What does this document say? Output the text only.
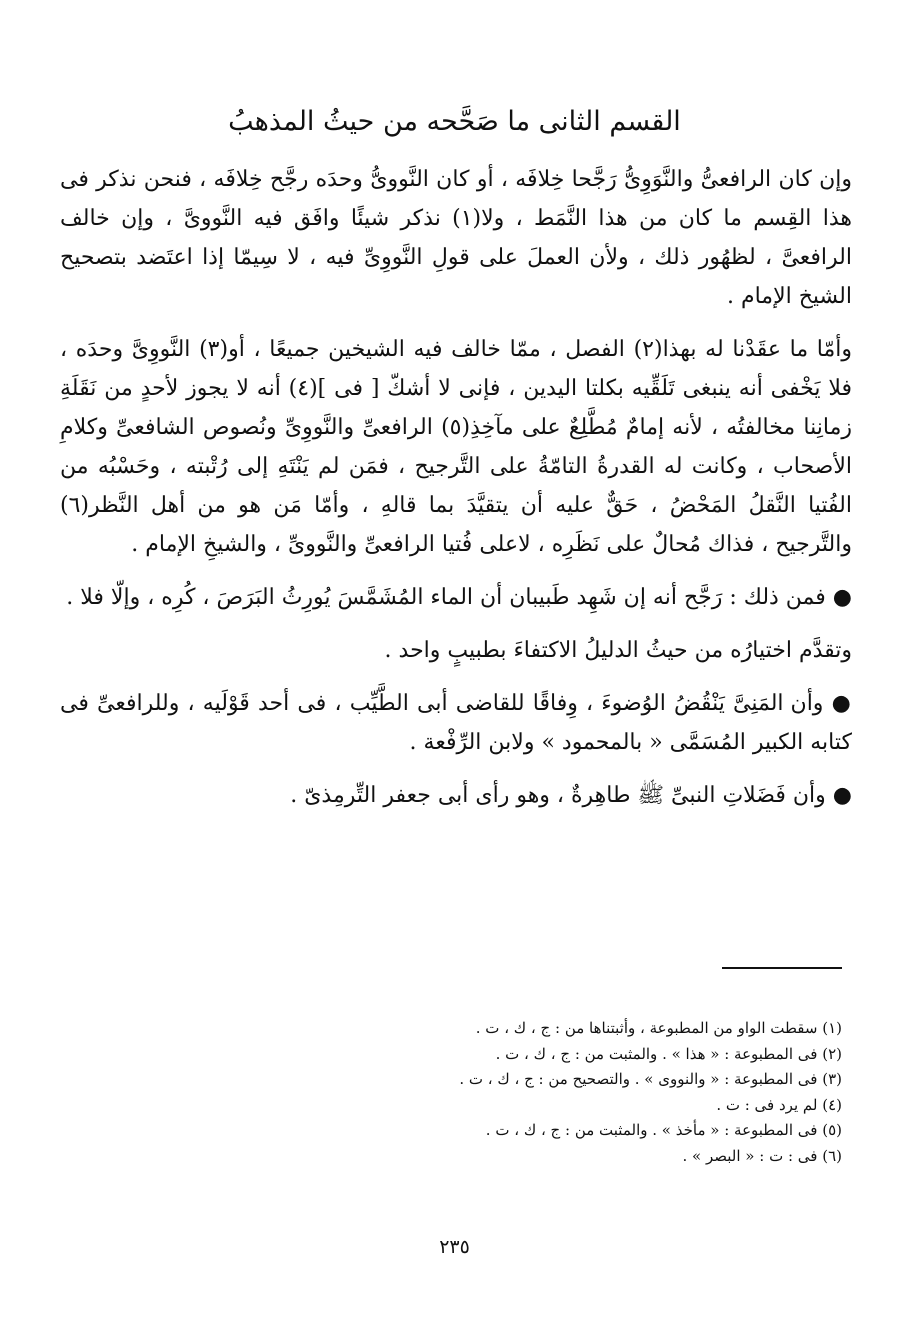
القسم الثانى ما صَحَّحه من حيثُ المذهبُ

وإن كان الرافعىُّ والنَّوَوِىُّ رَجَّحا خِلافَه ، أو كان النَّووىُّ وحدَه رجَّح خِلافَه ، فنحن نذكر فى هذا القِسم ما كان من هذا النَّمَط ، ولا(١) نذكر شيئًا وافَق فيه النَّووىَّ ، وإن خالف الرافعىَّ ، لظهُور ذلك ، ولأن العملَ على قولِ النَّووِىِّ فيه ، لا سِيمّا إذا اعتَضد بتصحيح الشيخ الإمام .

وأمّا ما عقَدْنا له بهذا(٢) الفصل ، ممّا خالف فيه الشيخين جميعًا ، أو(٣) النَّووِىَّ وحدَه ، فلا يَخْفى أنه ينبغى تَلَقِّيه بكلتا اليدين ، فإنى لا أشكّ [ فى ](٤) أنه لا يجوز لأحدٍ من نَقَلَةِ زمانِنا مخالفتُه ، لأنه إمامٌ مُطَّلِعٌ على مآخِذِ(٥) الرافعىِّ والنَّووِىِّ ونُصوص الشافعىِّ وكلامِ الأصحاب ، وكانت له القدرةُ التامّةُ على التَّرجيح ، فمَن لم يَنْتَهِ إلى رُتْبته ، وحَسْبُه من الفُتيا النَّقلُ المَحْضُ ، حَقٌّ عليه أن يتقيَّدَ بما قالهِ ، وأمّا مَن هو من أهل النَّظر(٦) والتَّرجيح ، فذاك مُحالٌ على نَظَرِه ، لاعلى فُتيا الرافعىِّ والنَّووىِّ ، والشيخِ الإمام .

● فمن ذلك : رَجَّح أنه إن شَهِد طَبيبان أن الماء المُشَمَّسَ يُورِثُ البَرَصَ ، كُرِه ، وإلّا فلا .

وتقدَّم اختيارُه من حيثُ الدليلُ الاكتفاءَ بطبيبٍ واحد .

● وأن المَنِىَّ يَنْقُضُ الوُضوءَ ، وِفاقًا للقاضى أبى الطَّيِّب ، فى أحد قَوْلَيه ، وللرافعىِّ فى كتابه الكبير المُسَمَّى « بالمحمود » ولابن الرِّفْعة .

● وأن فَضَلاتِ النبىِّ ﷺ طاهِرةٌ ، وهو رأى أبى جعفر التِّرمِذىّ .

(١) سقطت الواو من المطبوعة ، وأثبتناها من : ج ، ك ، ت .
(٢) فى المطبوعة : « هذا » . والمثبت من : ج ، ك ، ت .
(٣) فى المطبوعة : « والنووى » . والتصحيح من : ج ، ك ، ت .
(٤) لم يرد فى : ت .
(٥) فى المطبوعة : « مأخذ » . والمثبت من : ج ، ك ، ت .
(٦) فى : ت : « البصر » .
٢٣٥
